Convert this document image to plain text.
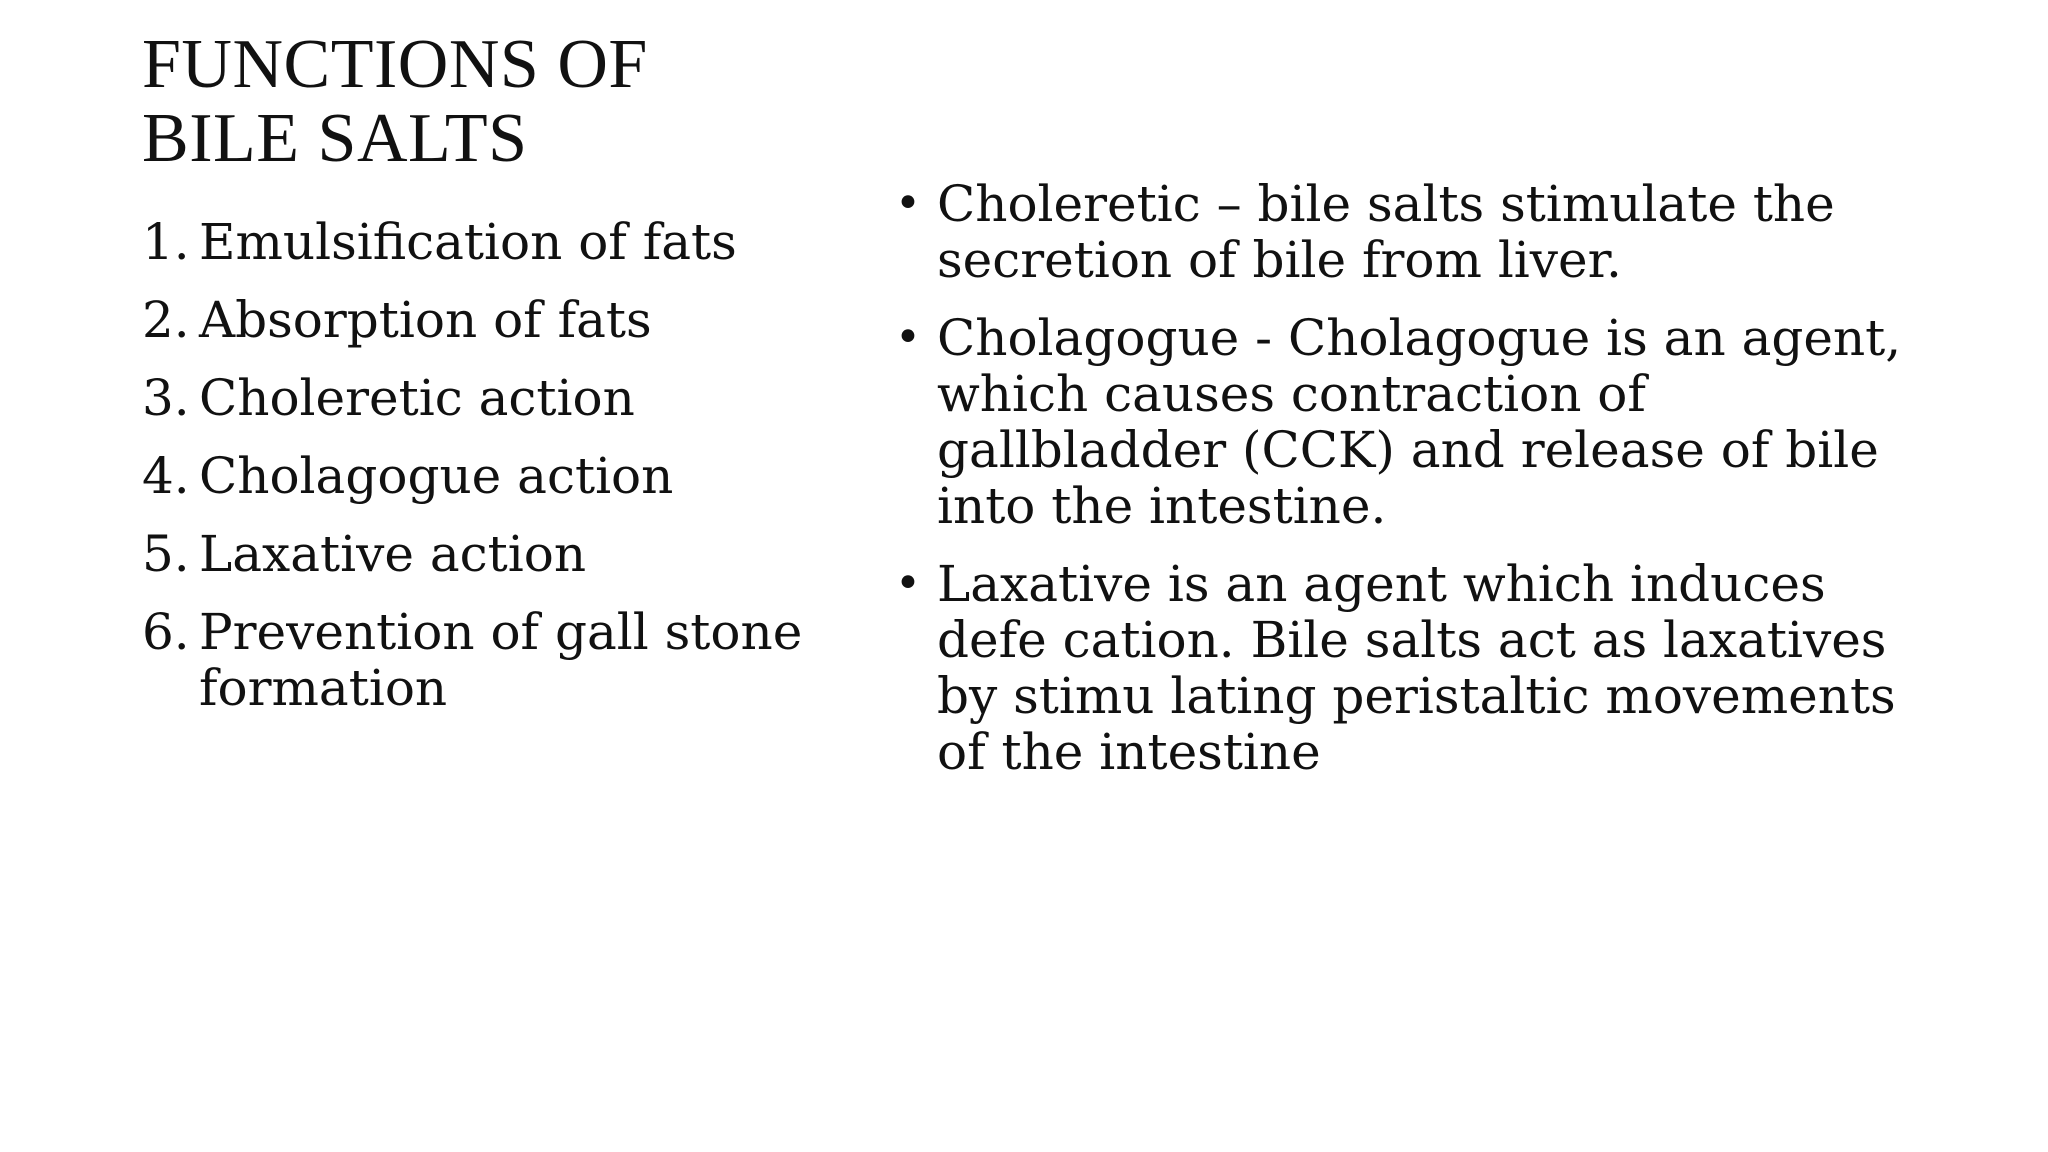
FUNCTIONS OF
BILE SALTS
1. Emulsification of fats
2. Absorption of fats
3. Choleretic action
4. Cholagogue action
5. Laxative action
6. Prevention of gall stone formation
• Choleretic – bile salts stimulate the secretion of bile from liver.
• Cholagogue - Cholagogue is an agent, which causes contraction of gallbladder (CCK) and release of bile into the intestine.
• Laxative is an agent which induces defe cation. Bile salts act as laxatives by stimu lating peristaltic movements of the intestine
